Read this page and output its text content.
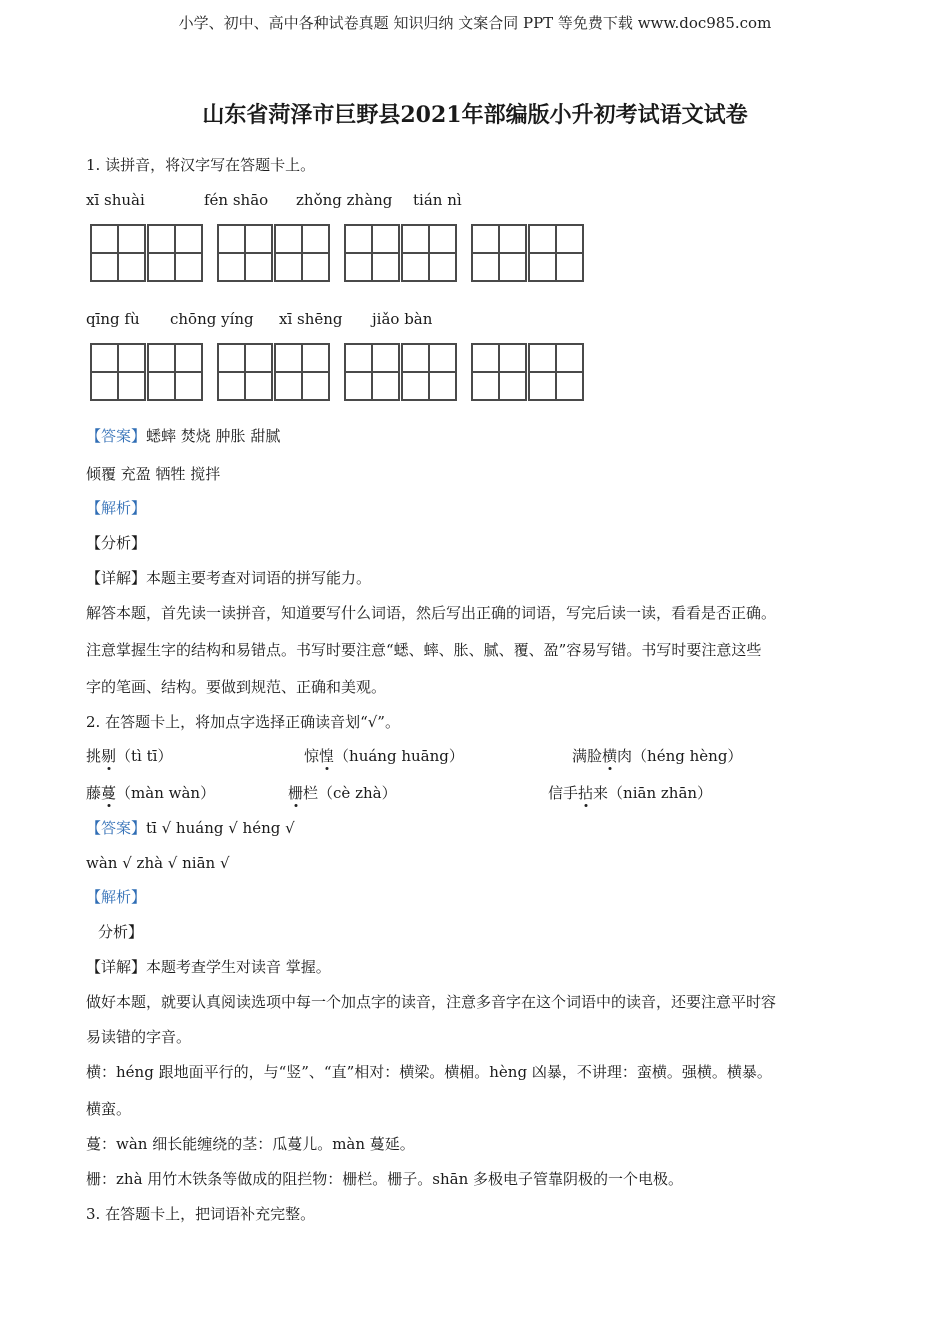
小学、初中、高中各种试卷真题 知识归纳 文案合同 PPT 等免费下载 www.doc985.com
山东省菏泽市巨野县2021年部编版小升初考试语文试卷
1. 读拼音，将汉字写在答题卡上。
xī shuài	fén shāo zhǒng zhàng tián nì
qīng fù chōng yíng xī shēng jiǎo bàn
【答案】蟋蟀 焚烧 肿胀 甜腻
倾覆 充盈 牺牲 搅拌
【解析】
【分析】
【详解】本题主要考查对词语的拼写能力。
解答本题，首先读一读拼音，知道要写什么词语，然后写出正确的词语，写完后读一读，看看是否正确。
注意掌握生字的结构和易错点。书写时要注意“蟋、蟀、胀、腻、覆、盈”容易写错。书写时要注意这些
字的笔画、结构。要做到规范、正确和美观。
2. 在答题卡上，将加点字选择正确读音划“√”。
挑剔（tì tī）	惊惶（huáng huāng）	满脸横肉（héng hèng）
藤蔓（màn wàn）	栅栏（cè zhà）	信手拈来（niān zhān）
【答案】tī √ huáng √ héng √
wàn √ zhà √ niān √
【解析】
分析】
【详解】本题考查学生对读音 掌握。
做好本题，就要认真阅读选项中每一个加点字的读音，注意多音字在这个词语中的读音，还要注意平时容
易读错的字音。
横：héng 跟地面平行的，与“竖”、“直”相对：横梁。横楣。hèng 凶暴，不讲理：蛮横。强横。横暴。
横蛮。
蔓：wàn 细长能缠绕的茎：瓜蔓儿。màn 蔓延。
栅：zhà 用竹木铁条等做成的阻拦物：栅栏。栅子。shān 多极电子管靠阴极的一个电极。
3. 在答题卡上，把词语补充完整。
